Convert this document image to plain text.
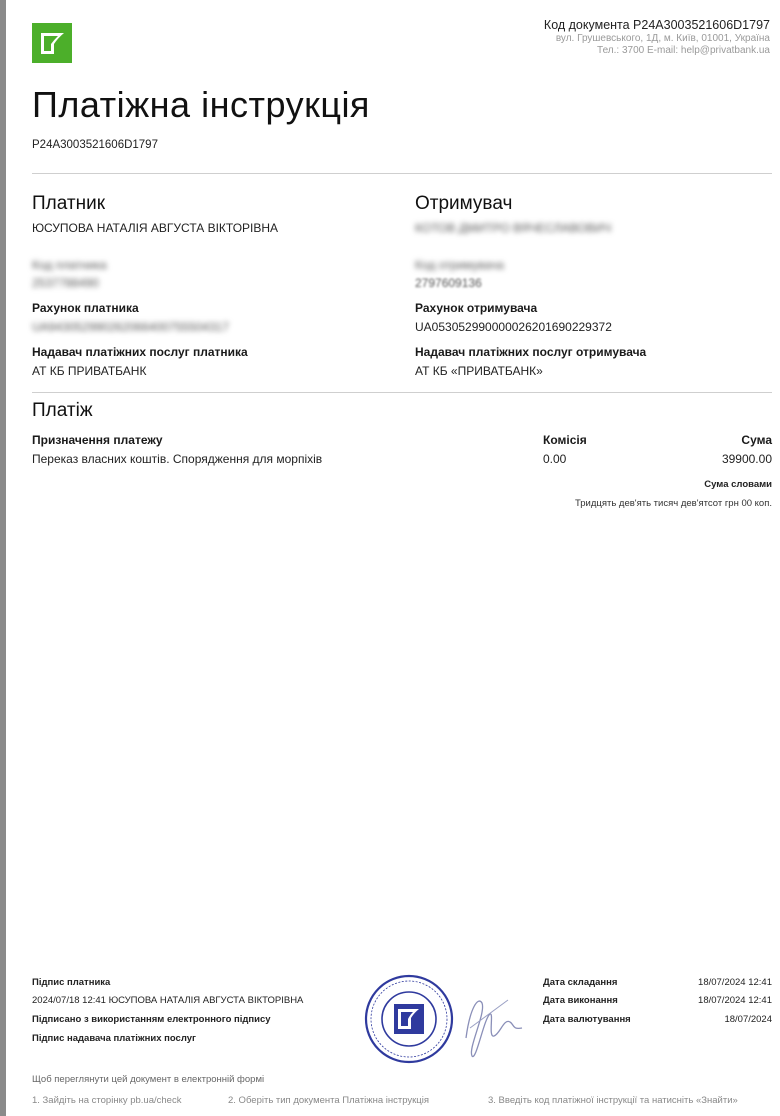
Код документа P24A3003521606D1797
вул. Грушевського, 1Д, м. Київ, 01001, Україна
Тел.: 3700 E-mail: help@privatbank.ua
Платіжна інструкція
P24A3003521606D1797
Платник
ЮСУПОВА НАТАЛІЯ АВГУСТА ВІКТОРІВНА
Код платника
2537788490
Рахунок платника
UA943052990262066400755504317
Надавач платіжних послуг платника
АТ КБ ПРИВАТБАНК
Отримувач
КОТОВ ДМИТРО ВЯЧЕСЛАВОВИЧ
Код отримувача
2797609136
Рахунок отримувача
UA053052990000026201690229372
Надавач платіжних послуг отримувача
АТ КБ «ПРИВАТБАНК»
Платіж
Призначення платежу
Переказ власних коштів. Спорядження для морпіхів
Комісія
0.00
Сума
39900.00
Сума словами
Тридцять дев'ять тисяч дев'ятсот грн 00 коп.
Підпис платника
2024/07/18 12:41 ЮСУПОВА НАТАЛІЯ АВГУСТА ВІКТОРІВНА
Підписано з використанням електронного підпису
Підпис надавача платіжних послуг
Дата складання	18/07/2024 12:41
Дата виконання	18/07/2024 12:41
Дата валютування	18/07/2024
Щоб переглянути цей документ в електронній формі
1. Зайдіть на сторінку pb.ua/check	2. Оберіть тип документа Платіжна інструкція	3. Введіть код платіжної інструкції та натисніть «Знайти»
